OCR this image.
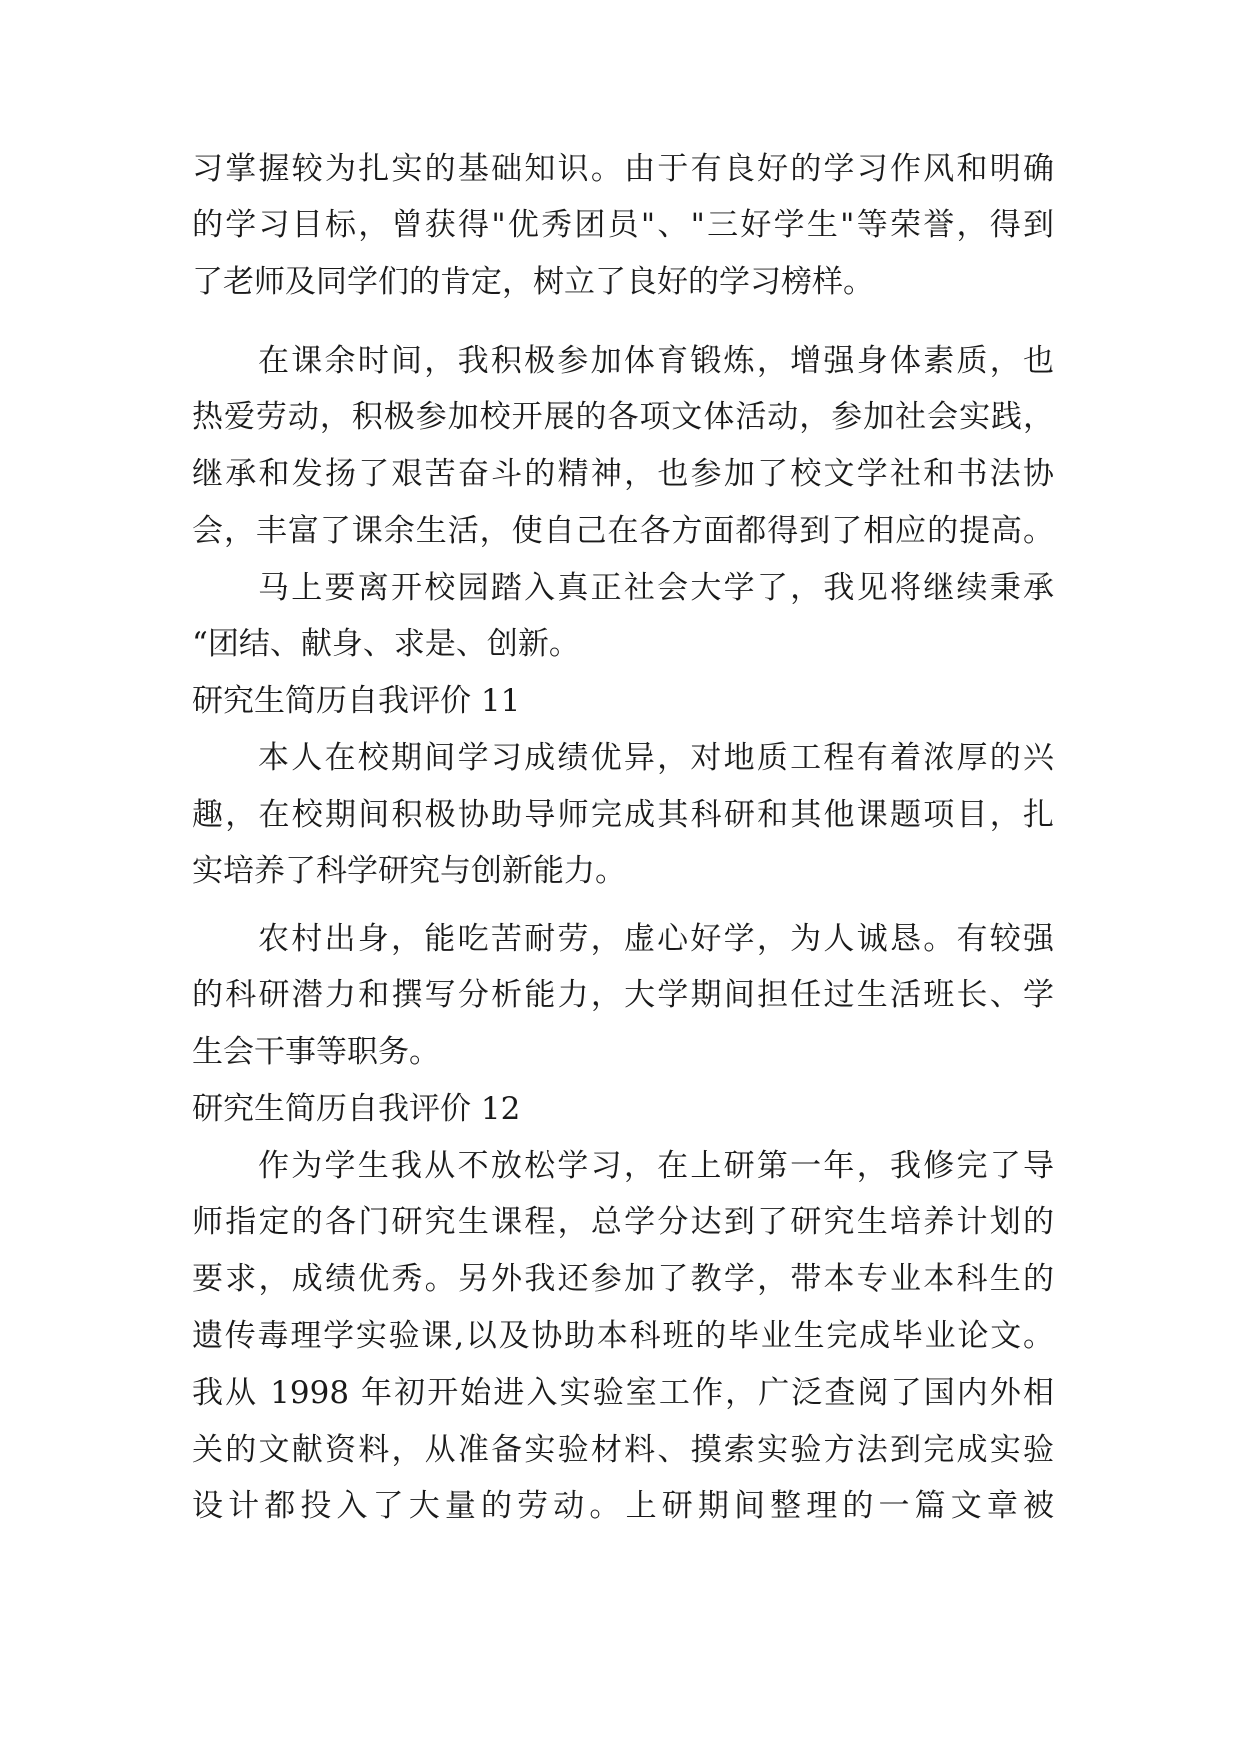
习掌握较为扎实的基础知识。由于有良好的学习作风和明确
的学习目标，曾获得"优秀团员"、"三好学生"等荣誉，得到
了老师及同学们的肯定，树立了良好的学习榜样。
在课余时间，我积极参加体育锻炼，增强身体素质，也
热爱劳动，积极参加校开展的各项文体活动，参加社会实践，
继承和发扬了艰苦奋斗的精神，也参加了校文学社和书法协
会，丰富了课余生活，使自己在各方面都得到了相应的提高。
马上要离开校园踏入真正社会大学了，我见将继续秉承
“团结、献身、求是、创新。
研究生简历自我评价 11
本人在校期间学习成绩优异，对地质工程有着浓厚的兴
趣，在校期间积极协助导师完成其科研和其他课题项目，扎
实培养了科学研究与创新能力。
农村出身，能吃苦耐劳，虚心好学，为人诚恳。有较强
的科研潜力和撰写分析能力，大学期间担任过生活班长、学
生会干事等职务。
研究生简历自我评价 12
作为学生我从不放松学习，在上研第一年，我修完了导
师指定的各门研究生课程，总学分达到了研究生培养计划的
要求，成绩优秀。另外我还参加了教学，带本专业本科生的
遗传毒理学实验课,以及协助本科班的毕业生完成毕业论文。
我从 1998 年初开始进入实验室工作，广泛查阅了国内外相
关的文献资料，从准备实验材料、摸索实验方法到完成实验
设计都投入了大量的劳动。上研期间整理的一篇文章被
